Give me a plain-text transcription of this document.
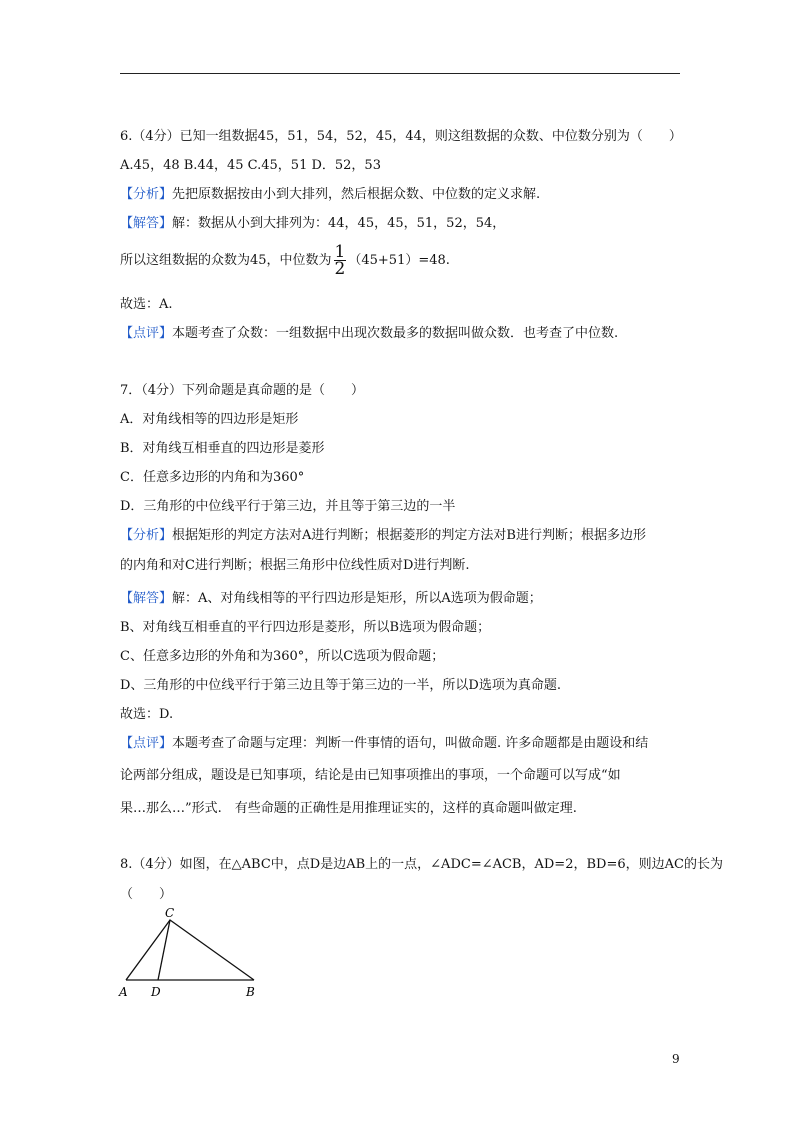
6.（4分）已知一组数据45，51，54，52，45，44，则这组数据的众数、中位数分别为（　　）
A.45，48 B.44，45 C.45，51 D．52，53
【分析】先把原数据按由小到大排列，然后根据众数、中位数的定义求解.
【解答】解：数据从小到大排列为：44，45，45，51，52，54，
所以这组数据的众数为45，中位数为 $\frac{1}{2} (45+51)=48$.
故选：A.
【点评】本题考查了众数：一组数据中出现次数最多的数据叫做众数．也考查了中位数.
7．（4分）下列命题是真命题的是（　　）
A．对角线相等的四边形是矩形
B．对角线互相垂直的四边形是菱形
C．任意多边形的内角和为360°
D．三角形的中位线平行于第三边，并且等于第三边的一半
【分析】根据矩形的判定方法对A进行判断；根据菱形的判定方法对B进行判断；根据多边形
的内角和对C进行判断；根据三角形中位线性质对D进行判断.
【解答】解：A、对角线相等的平行四边形是矩形，所以A选项为假命题；
B、对角线互相垂直的平行四边形是菱形，所以B选项为假命题；
C、任意多边形的外角和为360°，所以C选项为假命题；
D、三角形的中位线平行于第三边且等于第三边的一半，所以D选项为真命题.
故选：D.
【点评】本题考查了命题与定理：判断一件事情的语句，叫做命题. 许多命题都是由题设和结
论两部分组成，题设是已知事项，结论是由已知事项推出的事项，一个命题可以写成“如
果…那么…”形式.　有些命题的正确性是用推理证实的，这样的真命题叫做定理.
8.（4分）如图，在△ABC中，点D是边AB上的一点，∠ADC=∠ACB，AD=2，BD=6，则边AC的长为
（　　）
C
A D	B
9
